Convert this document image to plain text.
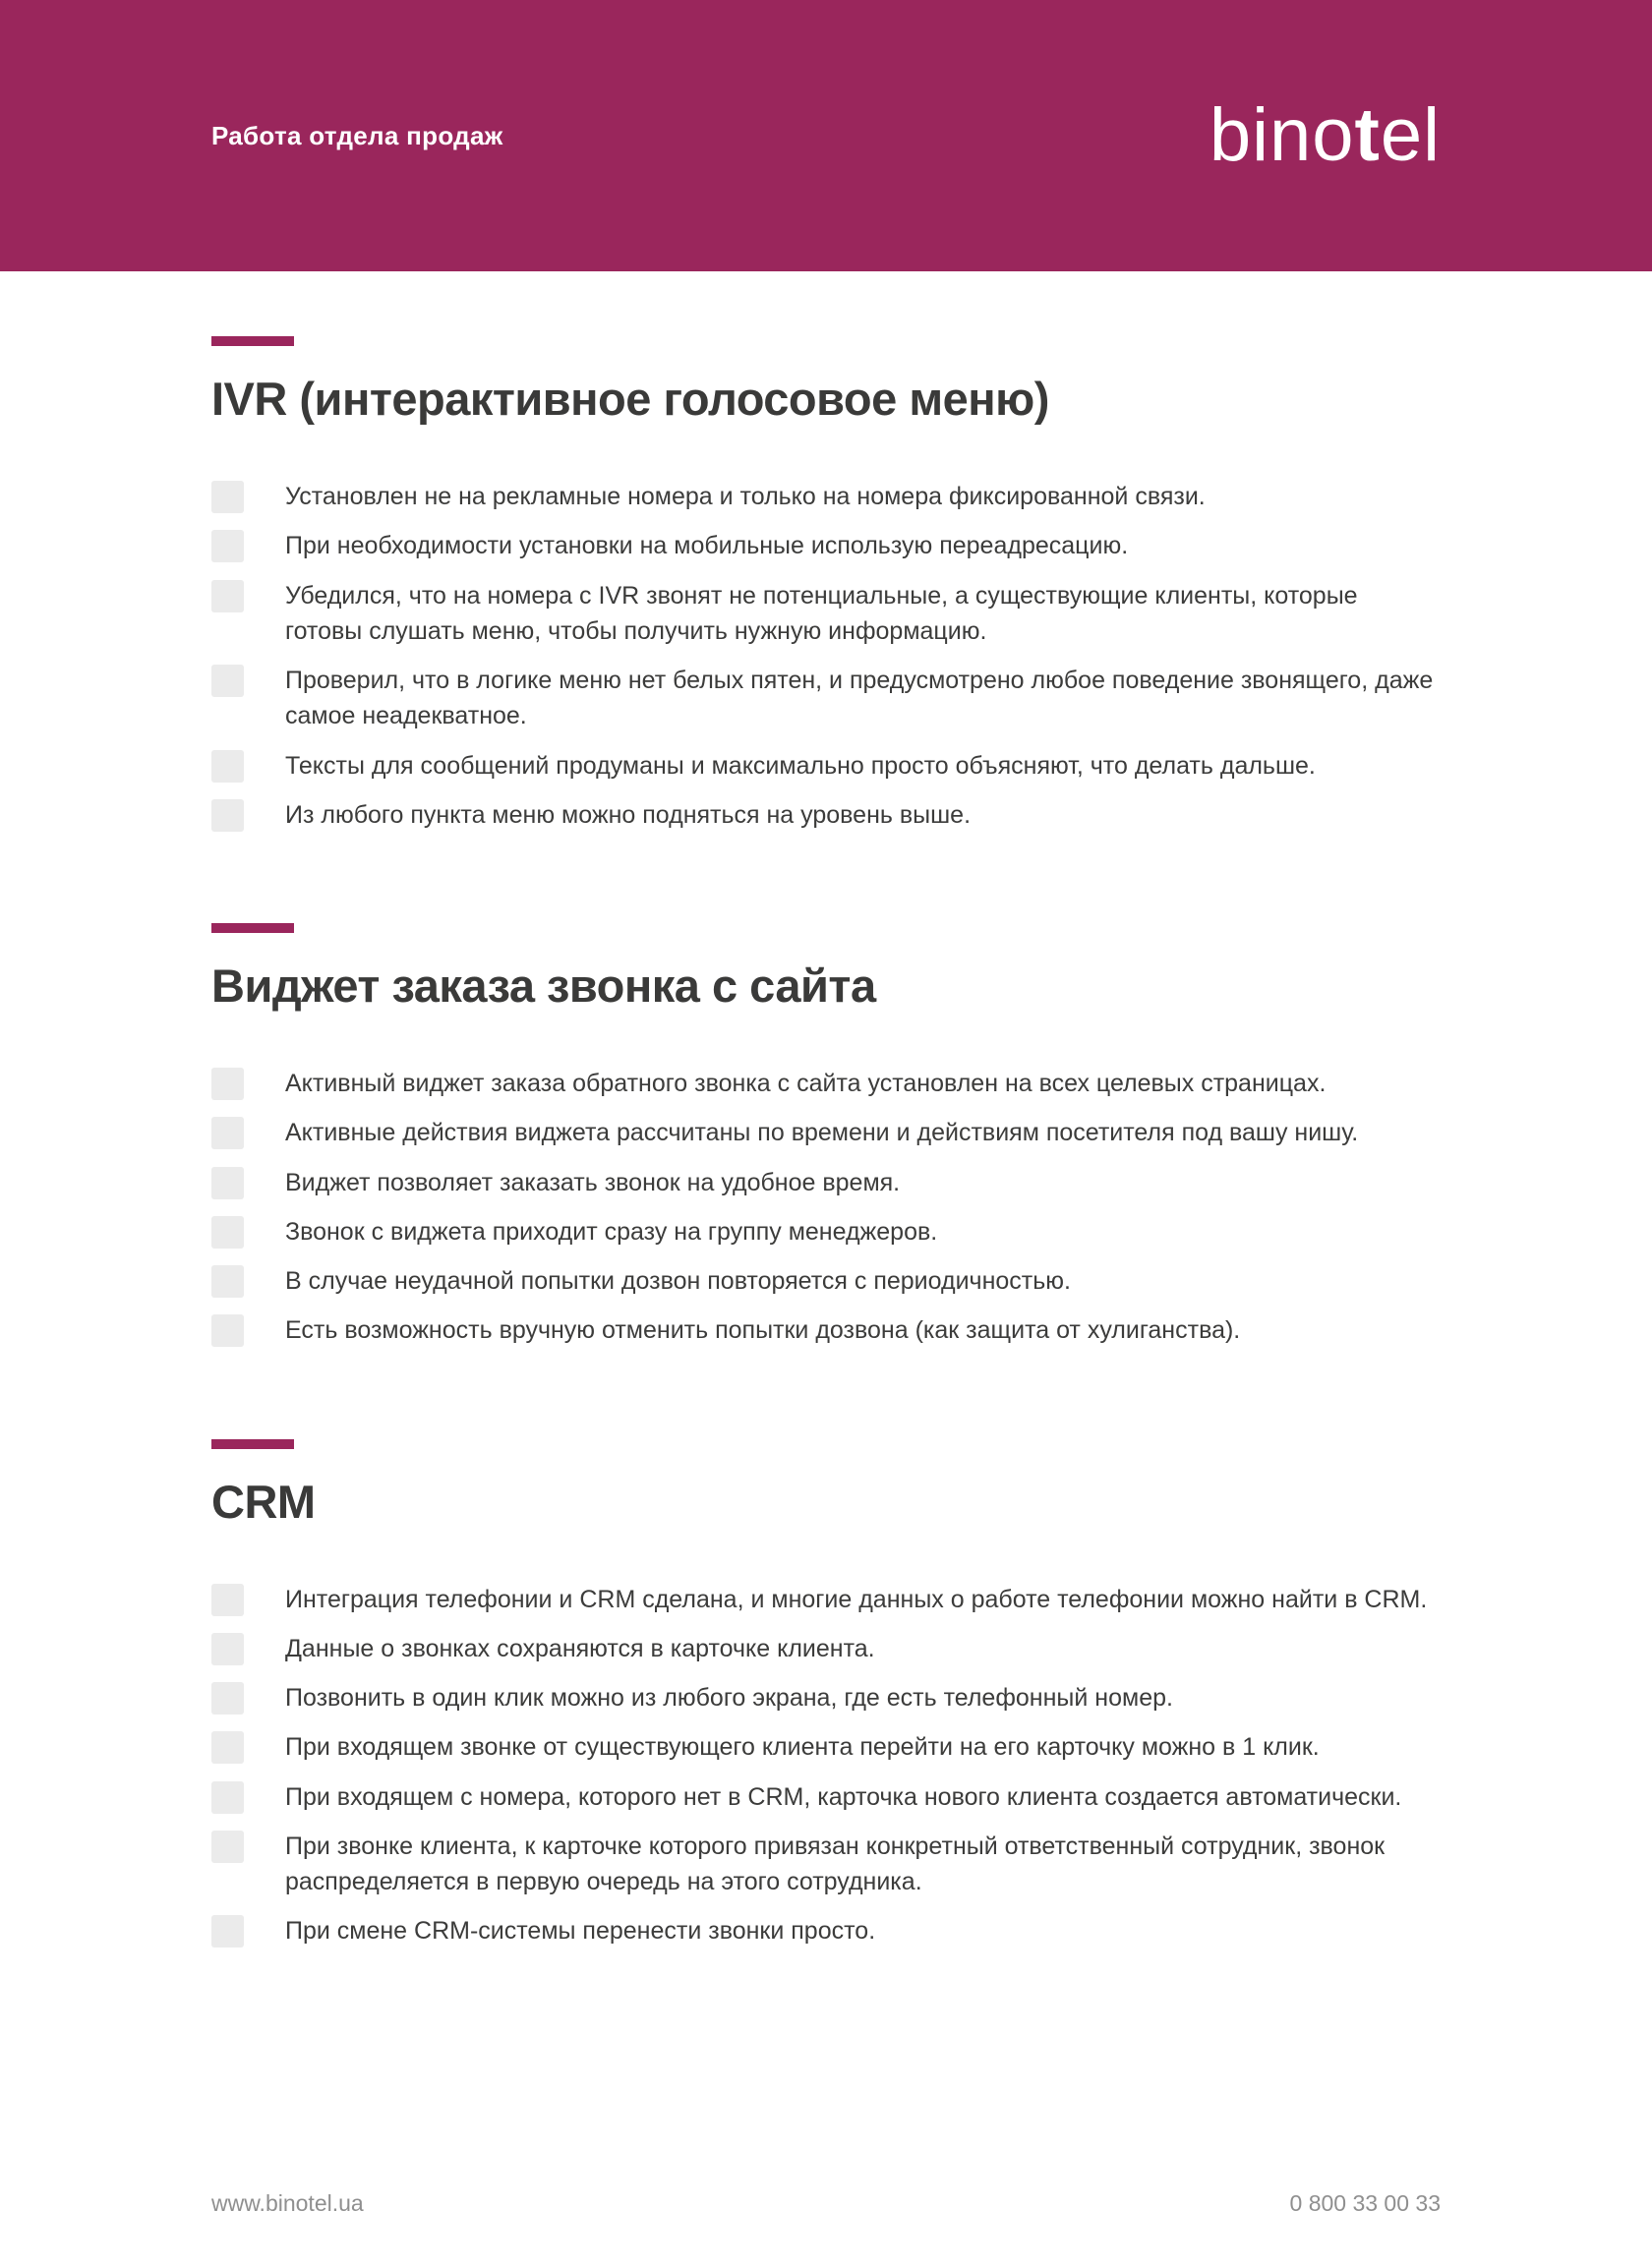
Работа отдела продаж	binotel
IVR (интерактивное голосовое меню)
Установлен не на рекламные номера и только на номера фиксированной связи.
При необходимости установки на мобильные использую переадресацию.
Убедился, что на номера с IVR звонят не потенциальные, а существующие клиенты, которые готовы слушать меню, чтобы получить нужную информацию.
Проверил, что в логике меню нет белых пятен, и предусмотрено любое поведение звонящего, даже самое неадекватное.
Тексты для сообщений продуманы и максимально просто объясняют, что делать дальше.
Из любого пункта меню можно подняться на уровень выше.
Виджет заказа звонка с сайта
Активный виджет заказа обратного звонка с сайта установлен на всех целевых страницах.
Активные действия виджета рассчитаны по времени и действиям посетителя под вашу нишу.
Виджет позволяет заказать звонок на удобное время.
Звонок с виджета приходит сразу на группу менеджеров.
В случае неудачной попытки дозвон повторяется с периодичностью.
Есть возможность вручную отменить попытки дозвона (как защита от хулиганства).
CRM
Интеграция телефонии и CRM сделана, и многие данных о работе телефонии можно найти в CRM.
Данные о звонках сохраняются в карточке клиента.
Позвонить в один клик можно из любого экрана, где есть телефонный номер.
При входящем звонке от существующего клиента перейти на его карточку можно в 1 клик.
При входящем с номера, которого нет в CRM, карточка нового клиента создается автоматически.
При звонке клиента, к карточке которого привязан конкретный ответственный сотрудник, звонок распределяется в первую очередь на этого сотрудника.
При смене CRM-системы перенести звонки просто.
www.binotel.ua	0 800 33 00 33
